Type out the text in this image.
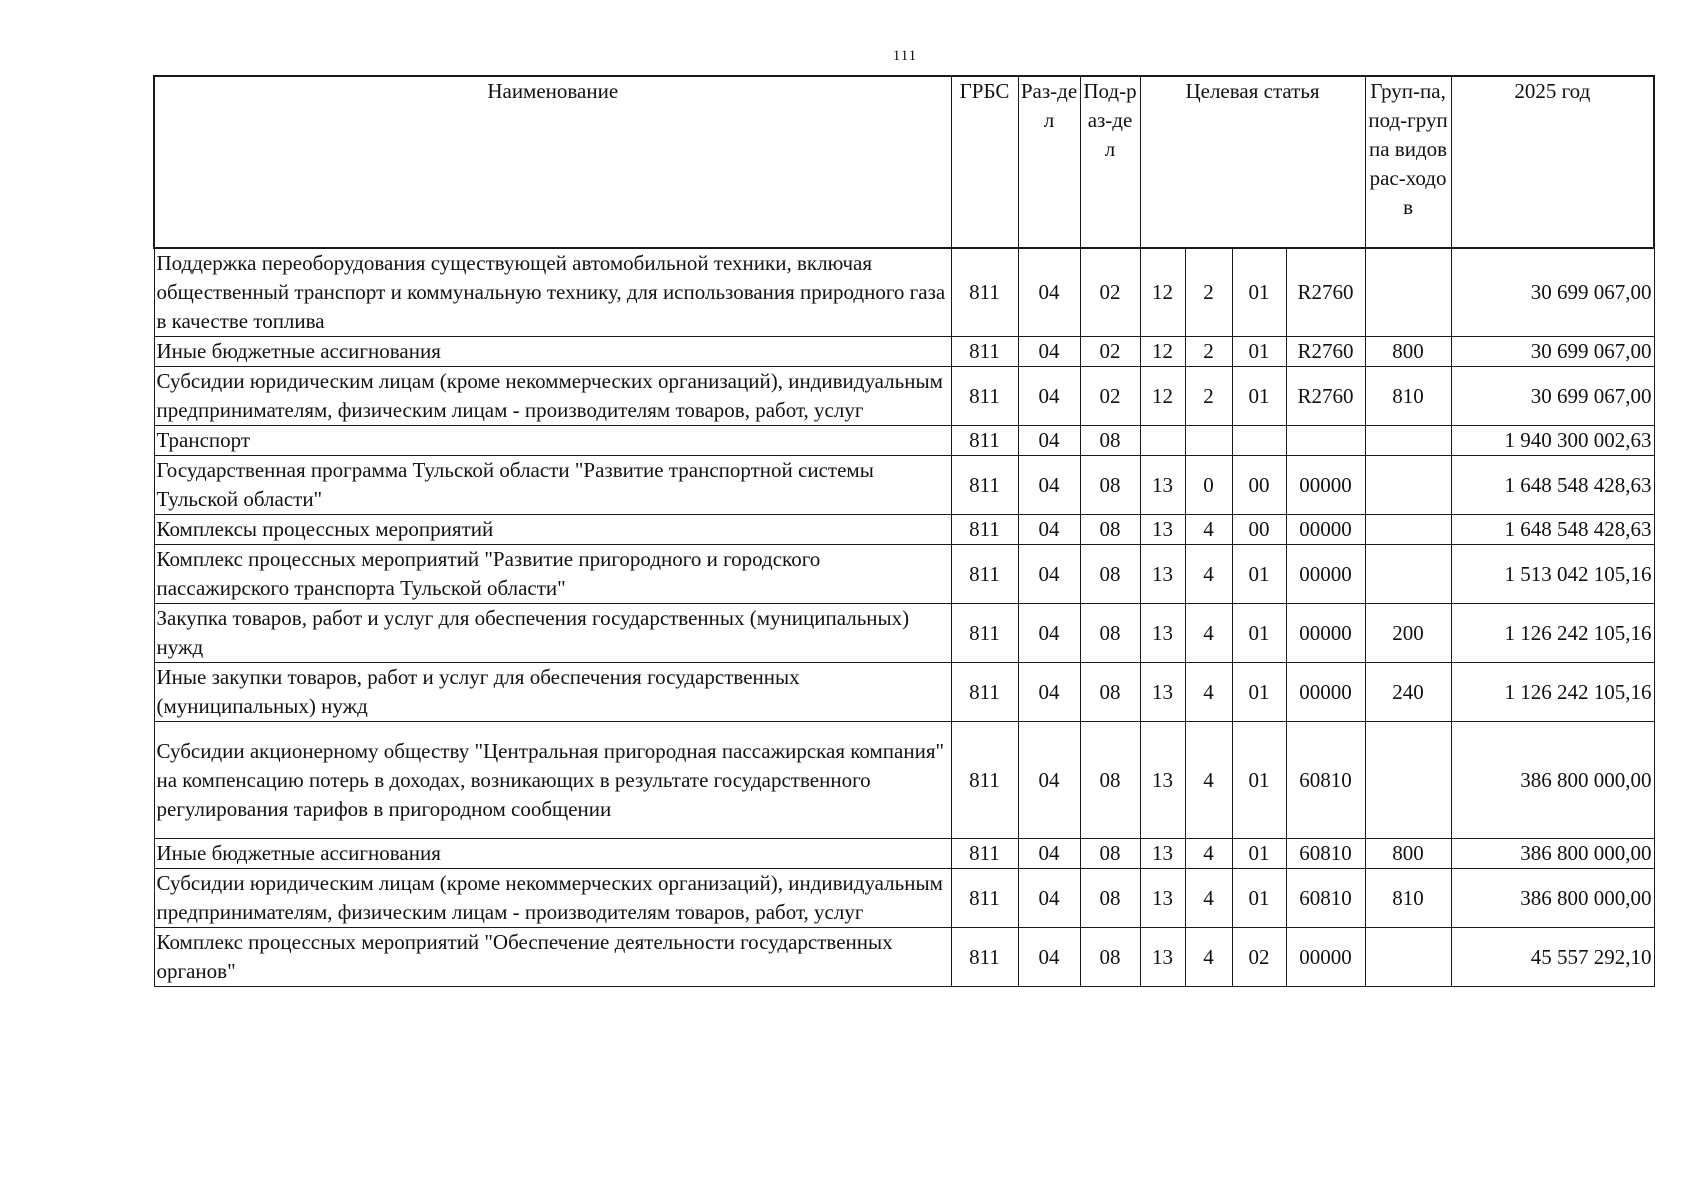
111
Наименование	ГРБС	Раз-дел	Под-раз-дел	Целевая статья				Груп-па, под-группа видов рас-ходов	2025 год
Поддержка переоборудования существующей автомобильной техники, включая общественный транспорт и коммунальную технику, для использования природного газа в качестве топлива	811	04	02	12	2	01	R2760		30 699 067,00
Иные бюджетные ассигнования	811	04	02	12	2	01	R2760	800	30 699 067,00
Субсидии юридическим лицам (кроме некоммерческих организаций), индивидуальным предпринимателям, физическим лицам - производителям товаров, работ, услуг	811	04	02	12	2	01	R2760	810	30 699 067,00
Транспорт	811	04	08						1 940 300 002,63
Государственная программа Тульской области "Развитие транспортной системы Тульской области"	811	04	08	13	0	00	00000		1 648 548 428,63
Комплексы процессных мероприятий	811	04	08	13	4	00	00000		1 648 548 428,63
Комплекс процессных мероприятий "Развитие пригородного и городского пассажирского транспорта Тульской области"	811	04	08	13	4	01	00000		1 513 042 105,16
Закупка товаров, работ и услуг для обеспечения государственных (муниципальных) нужд	811	04	08	13	4	01	00000	200	1 126 242 105,16
Иные закупки товаров, работ и услуг для обеспечения государственных (муниципальных) нужд	811	04	08	13	4	01	00000	240	1 126 242 105,16
Субсидии акционерному обществу "Центральная пригородная пассажирская компания" на компенсацию потерь в доходах, возникающих в результате государственного регулирования тарифов в пригородном сообщении	811	04	08	13	4	01	60810		386 800 000,00
Иные бюджетные ассигнования	811	04	08	13	4	01	60810	800	386 800 000,00
Субсидии юридическим лицам (кроме некоммерческих организаций), индивидуальным предпринимателям, физическим лицам - производителям товаров, работ, услуг	811	04	08	13	4	01	60810	810	386 800 000,00
Комплекс процессных мероприятий "Обеспечение деятельности государственных органов"	811	04	08	13	4	02	00000		45 557 292,10
